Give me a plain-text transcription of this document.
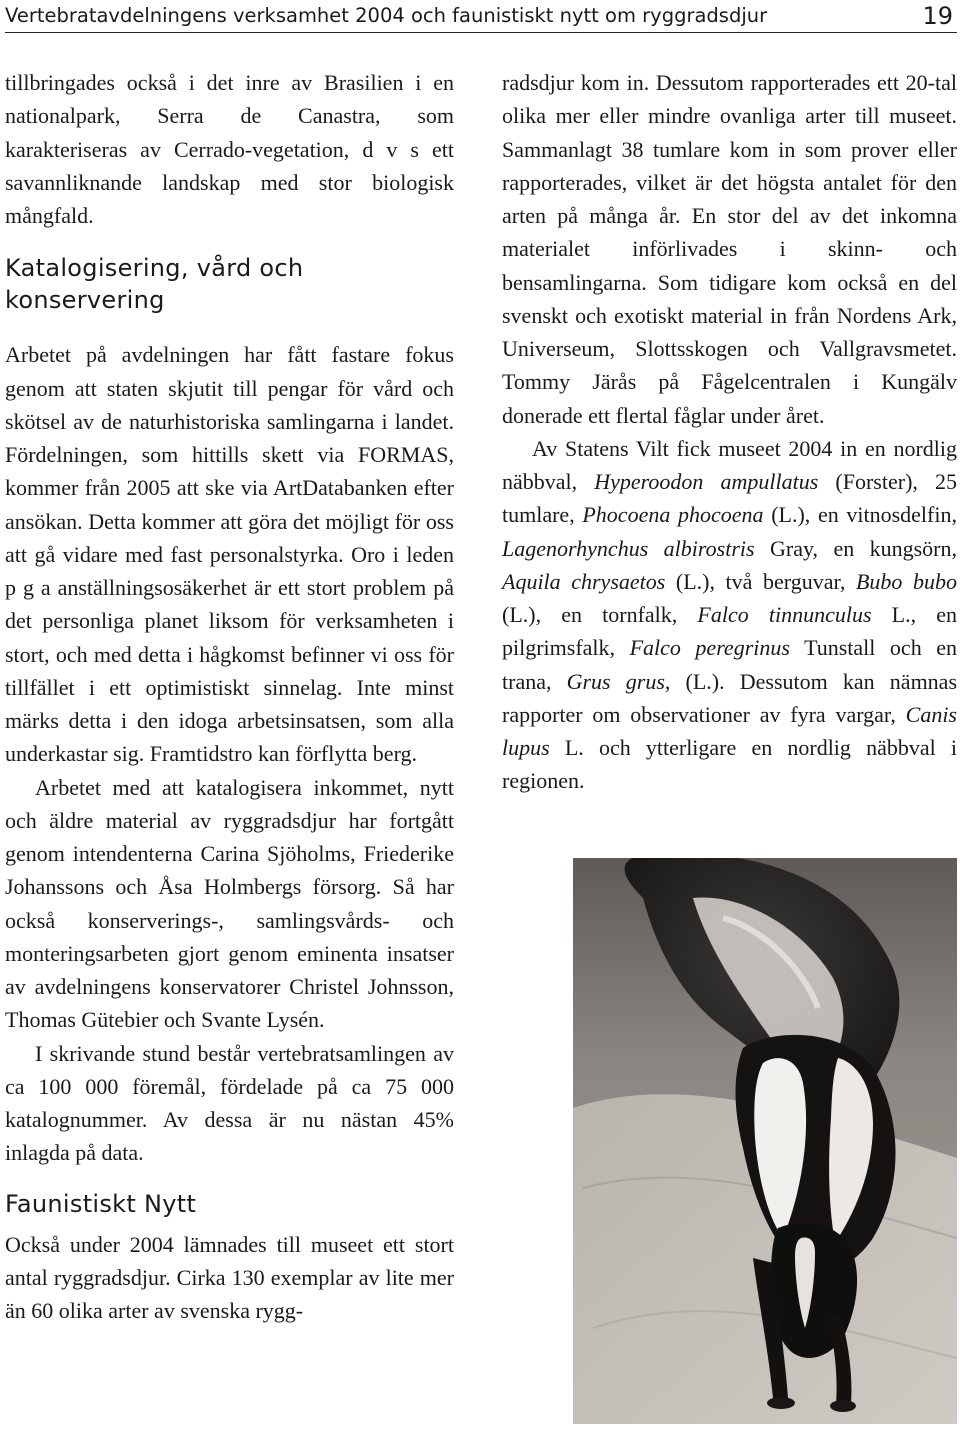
Vertebratavdelningens verksamhet 2004 och faunistiskt nytt om ryggradsdjur	19

tillbringades också i det inre av Brasilien i en nationalpark, Serra de Canastra, som karakteriseras av Cerrado-vegetation, d v s ett savannliknande landskap med stor biologisk mångfald.

Katalogisering, vård och konservering

Arbetet på avdelningen har fått fastare fokus genom att staten skjutit till pengar för vård och skötsel av de naturhistoriska samlingarna i landet. Fördelningen, som hittills skett via FORMAS, kommer från 2005 att ske via ArtDatabanken efter ansökan. Detta kommer att göra det möjligt för oss att gå vidare med fast personalstyrka. Oro i leden p g a anställningsosäkerhet är ett stort problem på det personliga planet liksom för verksamheten i stort, och med detta i hågkomst befinner vi oss för tillfället i ett optimistiskt sinnelag. Inte minst märks detta i den idoga arbetsinsatsen, som alla underkastar sig. Framtidstro kan förflytta berg.

Arbetet med att katalogisera inkommet, nytt och äldre material av ryggradsdjur har fortgått genom intendenterna Carina Sjöholms, Friederike Johanssons och Åsa Holmbergs försorg. Så har också konserverings-, samlingsvårds- och monteringsarbeten gjort genom eminenta insatser av avdelningens konservatorer Christel Johnsson, Thomas Gütebier och Svante Lysén.

I skrivande stund består vertebratsamlingen av ca 100 000 föremål, fördelade på ca 75 000 katalognummer. Av dessa är nu nästan 45% inlagda på data.

Faunistiskt Nytt

Också under 2004 lämnades till museet ett stort antal ryggradsdjur. Cirka 130 exemplar av lite mer än 60 olika arter av svenska rygg-

radsdjur kom in. Dessutom rapporterades ett 20-tal olika mer eller mindre ovanliga arter till museet. Sammanlagt 38 tumlare kom in som prover eller rapporterades, vilket är det högsta antalet för den arten på många år. En stor del av det inkomna materialet införlivades i skinn- och bensamlingarna. Som tidigare kom också en del svenskt och exotiskt material in från Nordens Ark, Universeum, Slottsskogen och Vallgravsmetet. Tommy Järås på Fågelcentralen i Kungälv donerade ett flertal fåglar under året.

Av Statens Vilt fick museet 2004 in en nordlig näbbval, Hyperoodon ampullatus (Forster), 25 tumlare, Phocoena phocoena (L.), en vitnosdelfin, Lagenorhynchus albirostris Gray, en kungsörn, Aquila chrysaetos (L.), två berguvar, Bubo bubo (L.), en tornfalk, Falco tinnunculus L., en pilgrimsfalk, Falco peregrinus Tunstall och en trana, Grus grus, (L.). Dessutom kan nämnas rapporter om observationer av fyra vargar, Canis lupus L. och ytterligare en nordlig näbbval i regionen.
